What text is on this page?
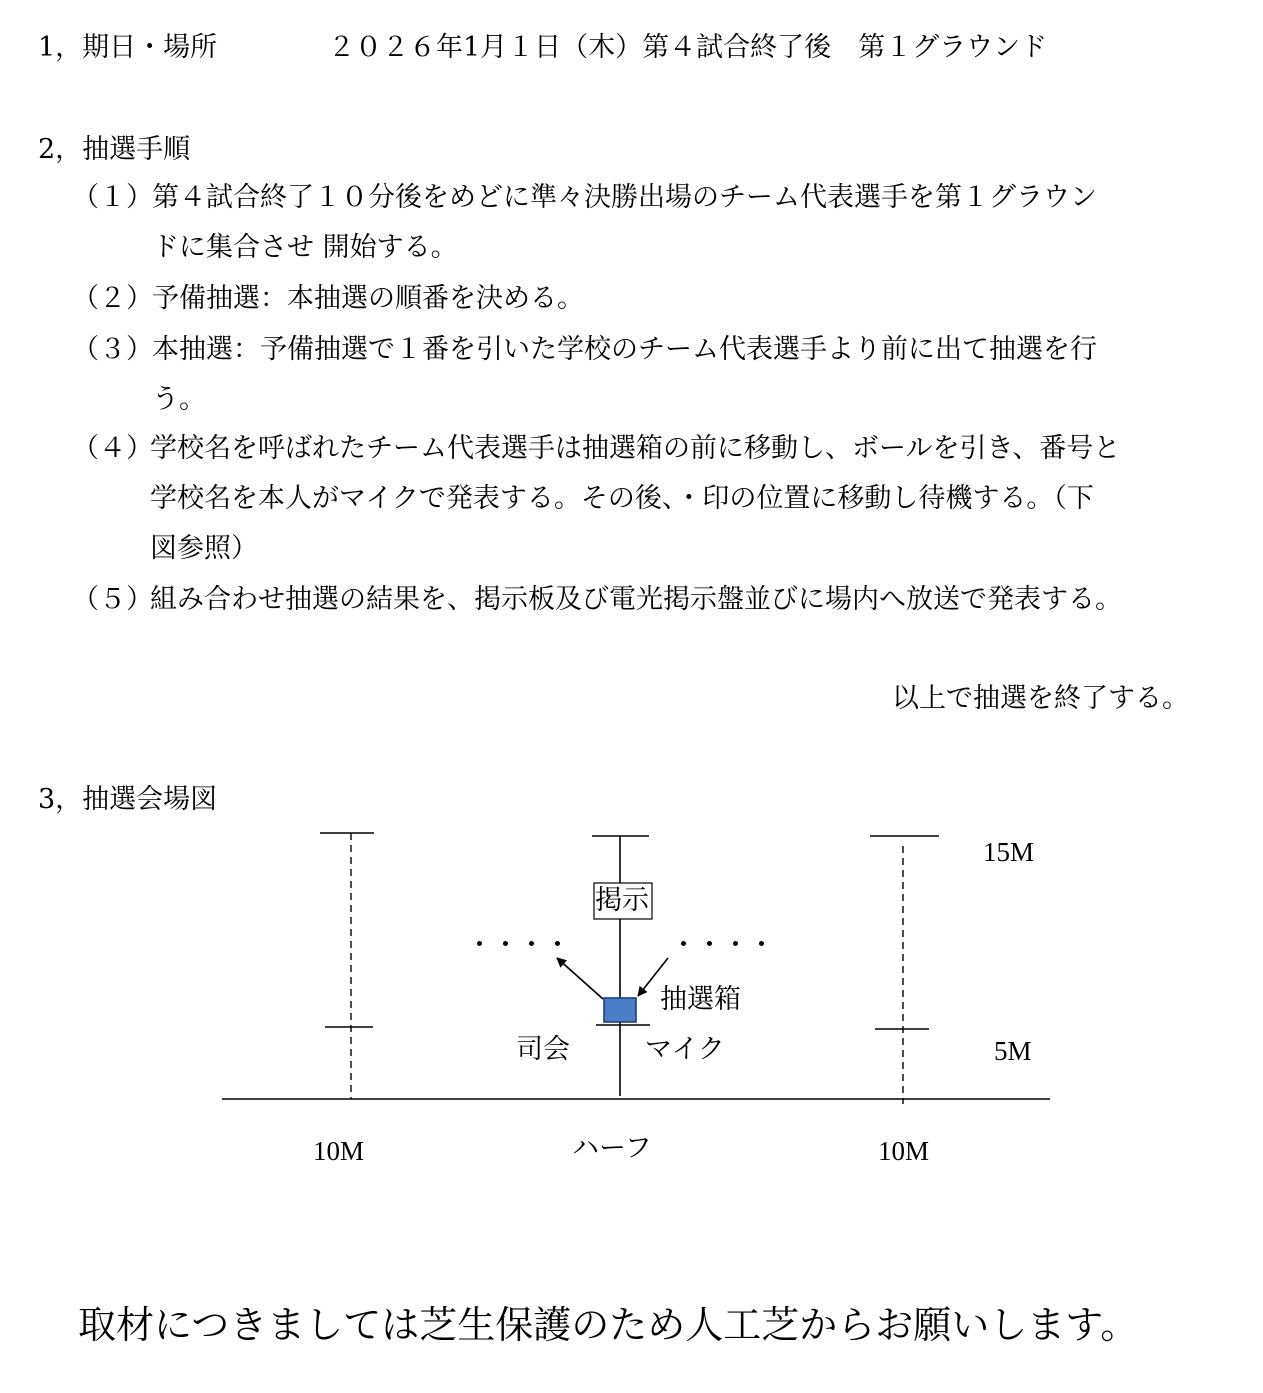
1，期日・場所	２０２６年1月１日（木）第４試合終了後　第１グラウンド
2，抽選手順
（１） 第４試合終了１０分後をめどに準々決勝出場のチーム代表選手を第１グラウン
ドに集合させ 開始する。
（２） 予備抽選：本抽選の順番を決める。
（３） 本抽選：予備抽選で１番を引いた学校のチーム代表選手より前に出て抽選を行
う。
（４）
学校名を呼ばれたチーム代表選手は抽選箱の前に移動し、ボールを引き、番号と
学校名を本人がマイクで発表する。その後、・印の位置に移動し待機する。（下
図参照）
（５）
組み合わせ抽選の結果を、掲示板及び電光掲示盤並びに場内へ放送で発表する。
以上で抽選を終了する。
3，抽選会場図
掲示
・・・・	・・・・
抽選箱
司会	マイク
15M
5M
10M	ハーフ	10M
取材につきましては芝生保護のため人工芝からお願いします。
